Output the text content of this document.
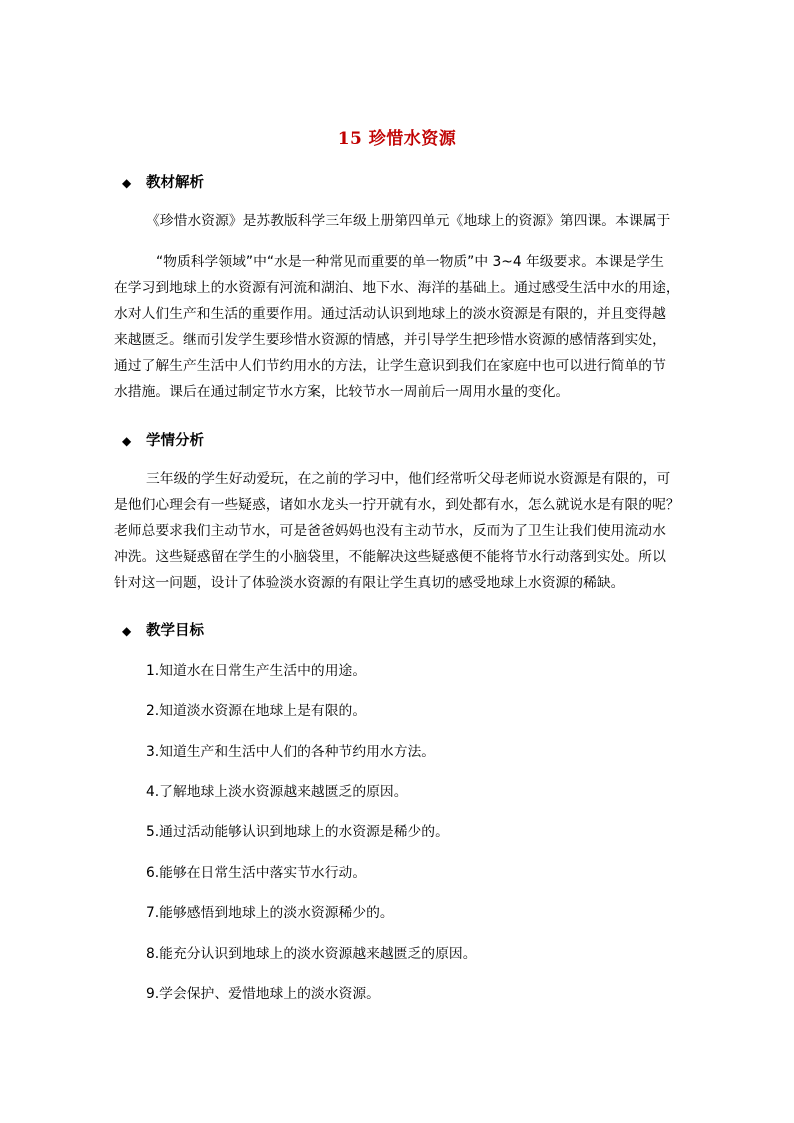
15 珍惜水资源
◆	教材解析
《珍惜水资源》是苏教版科学三年级上册第四单元《地球上的资源》第四课。本课属于
“物质科学领域”中“水是一种常见而重要的单一物质”中 3~4 年级要求。本课是学生
在学习到地球上的水资源有河流和湖泊、地下水、海洋的基础上。通过感受生活中水的用途，
水对人们生产和生活的重要作用。通过活动认识到地球上的淡水资源是有限的，并且变得越
来越匮乏。继而引发学生要珍惜水资源的情感，并引导学生把珍惜水资源的感情落到实处，
通过了解生产生活中人们节约用水的方法，让学生意识到我们在家庭中也可以进行简单的节
水措施。课后在通过制定节水方案，比较节水一周前后一周用水量的变化。
◆	学情分析
三年级的学生好动爱玩，在之前的学习中，他们经常听父母老师说水资源是有限的，可
是他们心理会有一些疑惑，诸如水龙头一拧开就有水，到处都有水，怎么就说水是有限的呢？
老师总要求我们主动节水，可是爸爸妈妈也没有主动节水，反而为了卫生让我们使用流动水
冲洗。这些疑惑留在学生的小脑袋里，不能解决这些疑惑便不能将节水行动落到实处。所以
针对这一问题，设计了体验淡水资源的有限让学生真切的感受地球上水资源的稀缺。
◆	教学目标
1.知道水在日常生产生活中的用途。
2.知道淡水资源在地球上是有限的。
3.知道生产和生活中人们的各种节约用水方法。
4.了解地球上淡水资源越来越匮乏的原因。
5.通过活动能够认识到地球上的水资源是稀少的。
6.能够在日常生活中落实节水行动。
7.能够感悟到地球上的淡水资源稀少的。
8.能充分认识到地球上的淡水资源越来越匮乏的原因。
9.学会保护、爱惜地球上的淡水资源。
